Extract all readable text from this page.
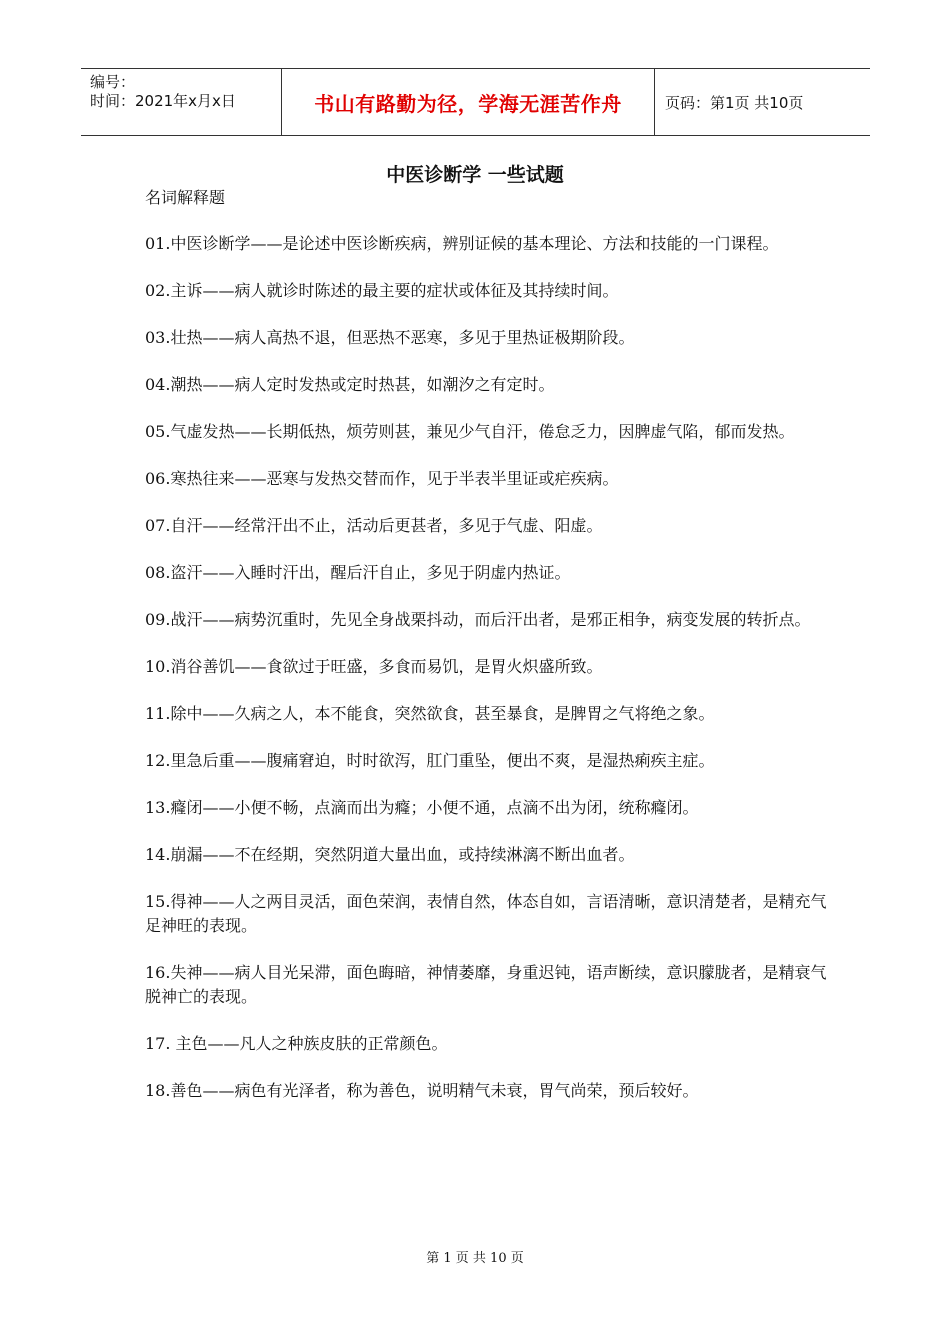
编号：
时间：2021年x月x日	书山有路勤为径，学海无涯苦作舟	页码：第1页 共10页
中医诊断学 一些试题
名词解释题

01.中医诊断学——是论述中医诊断疾病，辨别证候的基本理论、方法和技能的一门课程。

02.主诉——病人就诊时陈述的最主要的症状或体征及其持续时间。

03.壮热——病人高热不退，但恶热不恶寒，多见于里热证极期阶段。

04.潮热——病人定时发热或定时热甚，如潮汐之有定时。

05.气虚发热——长期低热，烦劳则甚，兼见少气自汗，倦怠乏力，因脾虚气陷，郁而发热。

06.寒热往来——恶寒与发热交替而作，见于半表半里证或疟疾病。

07.自汗——经常汗出不止，活动后更甚者，多见于气虚、阳虚。

08.盗汗——入睡时汗出，醒后汗自止，多见于阴虚内热证。

09.战汗——病势沉重时，先见全身战栗抖动，而后汗出者，是邪正相争，病变发展的转折点。

10.消谷善饥——食欲过于旺盛，多食而易饥，是胃火炽盛所致。

11.除中——久病之人，本不能食，突然欲食，甚至暴食，是脾胃之气将绝之象。

12.里急后重——腹痛窘迫，时时欲泻，肛门重坠，便出不爽，是湿热痢疾主症。

13.癃闭——小便不畅，点滴而出为癃；小便不通，点滴不出为闭，统称癃闭。

14.崩漏——不在经期，突然阴道大量出血，或持续淋漓不断出血者。

15.得神——人之两目灵活，面色荣润，表情自然，体态自如，言语清晰，意识清楚者，是精充气足神旺的表现。

16.失神——病人目光呆滞，面色晦暗，神情萎靡，身重迟钝，语声断续，意识朦胧者，是精衰气脱神亡的表现。

17. 主色——凡人之种族皮肤的正常颜色。

18.善色——病色有光泽者，称为善色，说明精气未衰，胃气尚荣，预后较好。

第 1 页 共 10 页
